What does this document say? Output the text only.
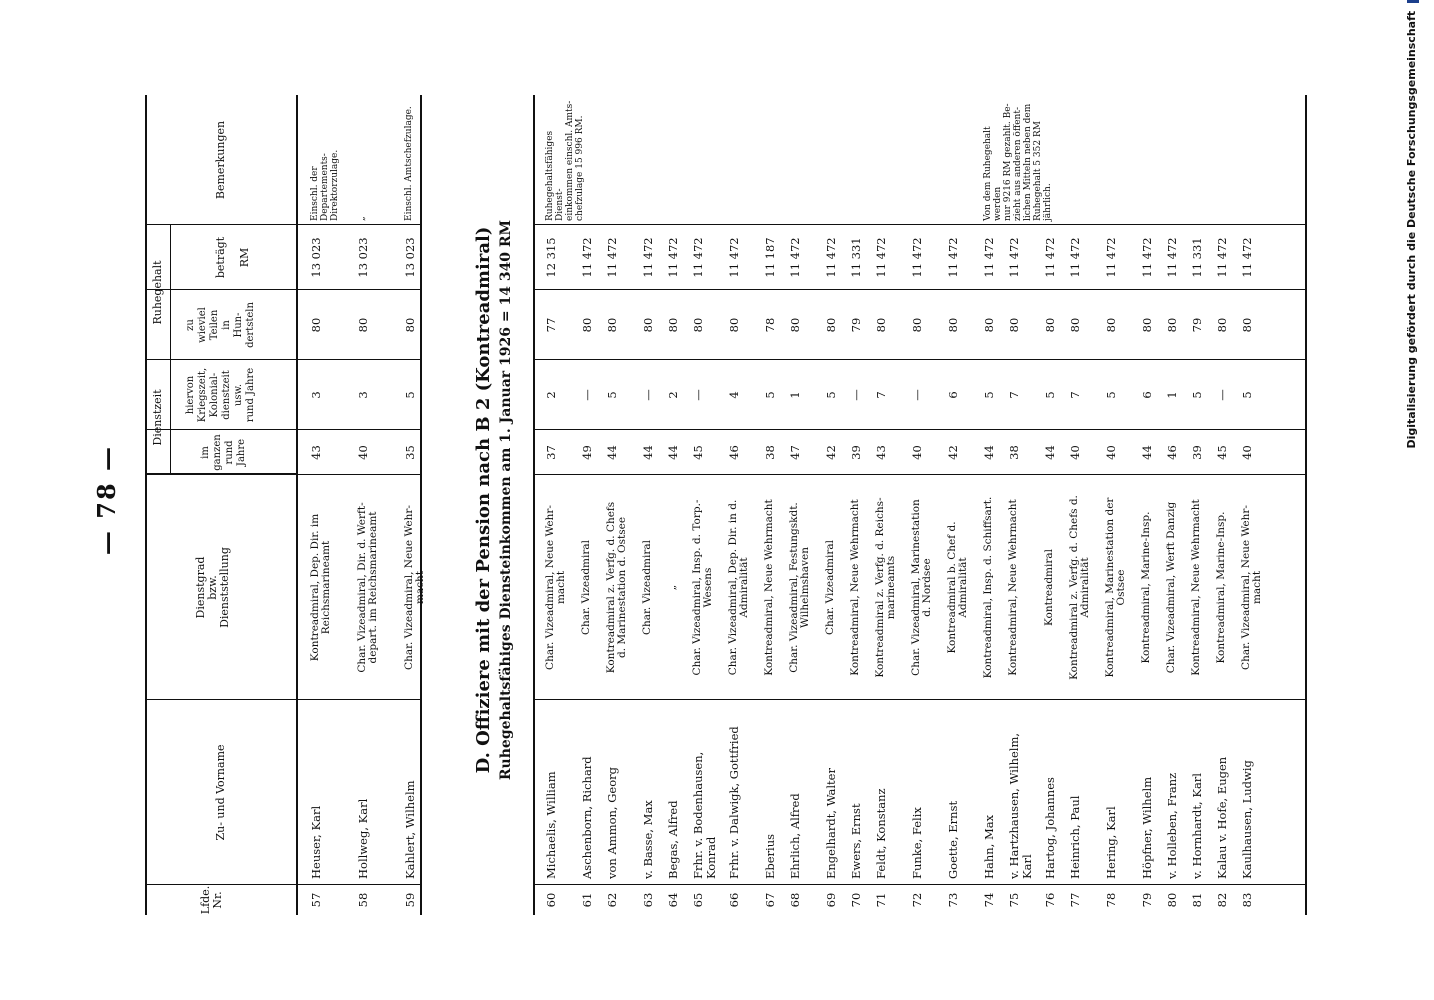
— 78 —
Lfde.
Nr.
Zu- und Vorname
Dienstgrad
bzw.
Dienststellung
Dienstzeit
im
ganzen
rund
Jahre
hiervon
Kriegszeit,
Kolonial-
dienstzeit
usw.
rund Jahre
Ruhegehalt
zu
wieviel
Teilen
in
Hun-
dertsteln
beträgt

RM
Bemerkungen
57
Heuser, Karl
Kontreadmiral, Dep. Dir. im
Reichsmarineamt
43
3
80
13 023
Einschl. der Departements-
Direktorzulage.
58
Hollweg, Karl
Char. Vizeadmiral, Dir. d. Werft-
depart. im Reichsmarineamt
40
3
80
13 023
„
59
Kahlert, Wilhelm
Char. Vizeadmiral, Neue Wehr-
macht
35
5
80
13 023
Einschl. Amtschefzulage.
60
Michaelis, William
Char. Vizeadmiral, Neue Wehr-
macht
37
2
77
12 315
Ruhegehaltsfähiges Dienst-
einkommen einschl. Amts-
chefzulage 15 996 RM.
61
Aschenborn, Richard
Char. Vizeadmiral
49
—
80
11 472
62
von Ammon, Georg
Kontreadmiral z. Verfg. d. Chefs
d. Marinestation d. Ostsee
44
5
80
11 472
63
v. Basse, Max
Char. Vizeadmiral
44
—
80
11 472
64
Begas, Alfred
„
44
2
80
11 472
65
Frhr. v. Bodenhausen,
Konrad
Char. Vizeadmiral, Insp. d. Torp.-
Wesens
45
—
80
11 472
66
Frhr. v. Dalwigk, Gottfried
Char. Vizeadmiral, Dep. Dir. in d.
Admiralität
46
4
80
11 472
67
Eberius
Kontreadmiral, Neue Wehrmacht
38
5
78
11 187
68
Ehrlich, Alfred
Char. Vizeadmiral, Festungskdt.
Wilhelmshaven
47
1
80
11 472
69
Engelhardt, Walter
Char. Vizeadmiral
42
5
80
11 472
70
Ewers, Ernst
Kontreadmiral, Neue Wehrmacht
39
—
79
11 331
71
Feldt, Konstanz
Kontreadmiral z. Verfg. d. Reichs-
marineamts
43
7
80
11 472
72
Funke, Felix
Char. Vizeadmiral, Marinestation
d. Nordsee
40
—
80
11 472
73
Goette, Ernst
Kontreadmiral b. Chef d.
Admiralität
42
6
80
11 472
74
Hahn, Max
Kontreadmiral, Insp. d. Schiffsart.
44
5
80
11 472
Von dem Ruhegehalt werden
nur 9216 RM gezahlt. Be-
zieht aus anderen öffent-
lichen Mitteln neben dem
Ruhegehalt 5 352 RM
jährlich.
75
v. Hartzhausen, Wilhelm,
Karl
Kontreadmiral, Neue Wehrmacht
38
7
80
11 472
76
Hartog, Johannes
Kontreadmiral
44
5
80
11 472
77
Heinrich, Paul
Kontreadmiral z. Verfg. d. Chefs d.
Admiralität
40
7
80
11 472
78
Hering, Karl
Kontreadmiral, Marinestation der
Ostsee
40
5
80
11 472
79
Höpfner, Wilhelm
Kontreadmiral, Marine-Insp.
44
6
80
11 472
80
v. Holleben, Franz
Char. Vizeadmiral, Werft Danzig
46
1
80
11 472
81
v. Hornhardt, Karl
Kontreadmiral, Neue Wehrmacht
39
5
79
11 331
82
Kalau v. Hofe, Eugen
Kontreadmiral, Marine-Insp.
45
—
80
11 472
83
Kaulhausen, Ludwig
Char. Vizeadmiral, Neue Wehr-
macht
40
5
80
11 472
D. Offiziere mit der Pension nach B 2 (Kontreadmiral) Ruhegehaltsfähiges Diensteinkommen am 1. Januar 1926 = 14 340 RM	Digitalisierung gefördert durch die Deutsche Forschungsgemeinschaft
